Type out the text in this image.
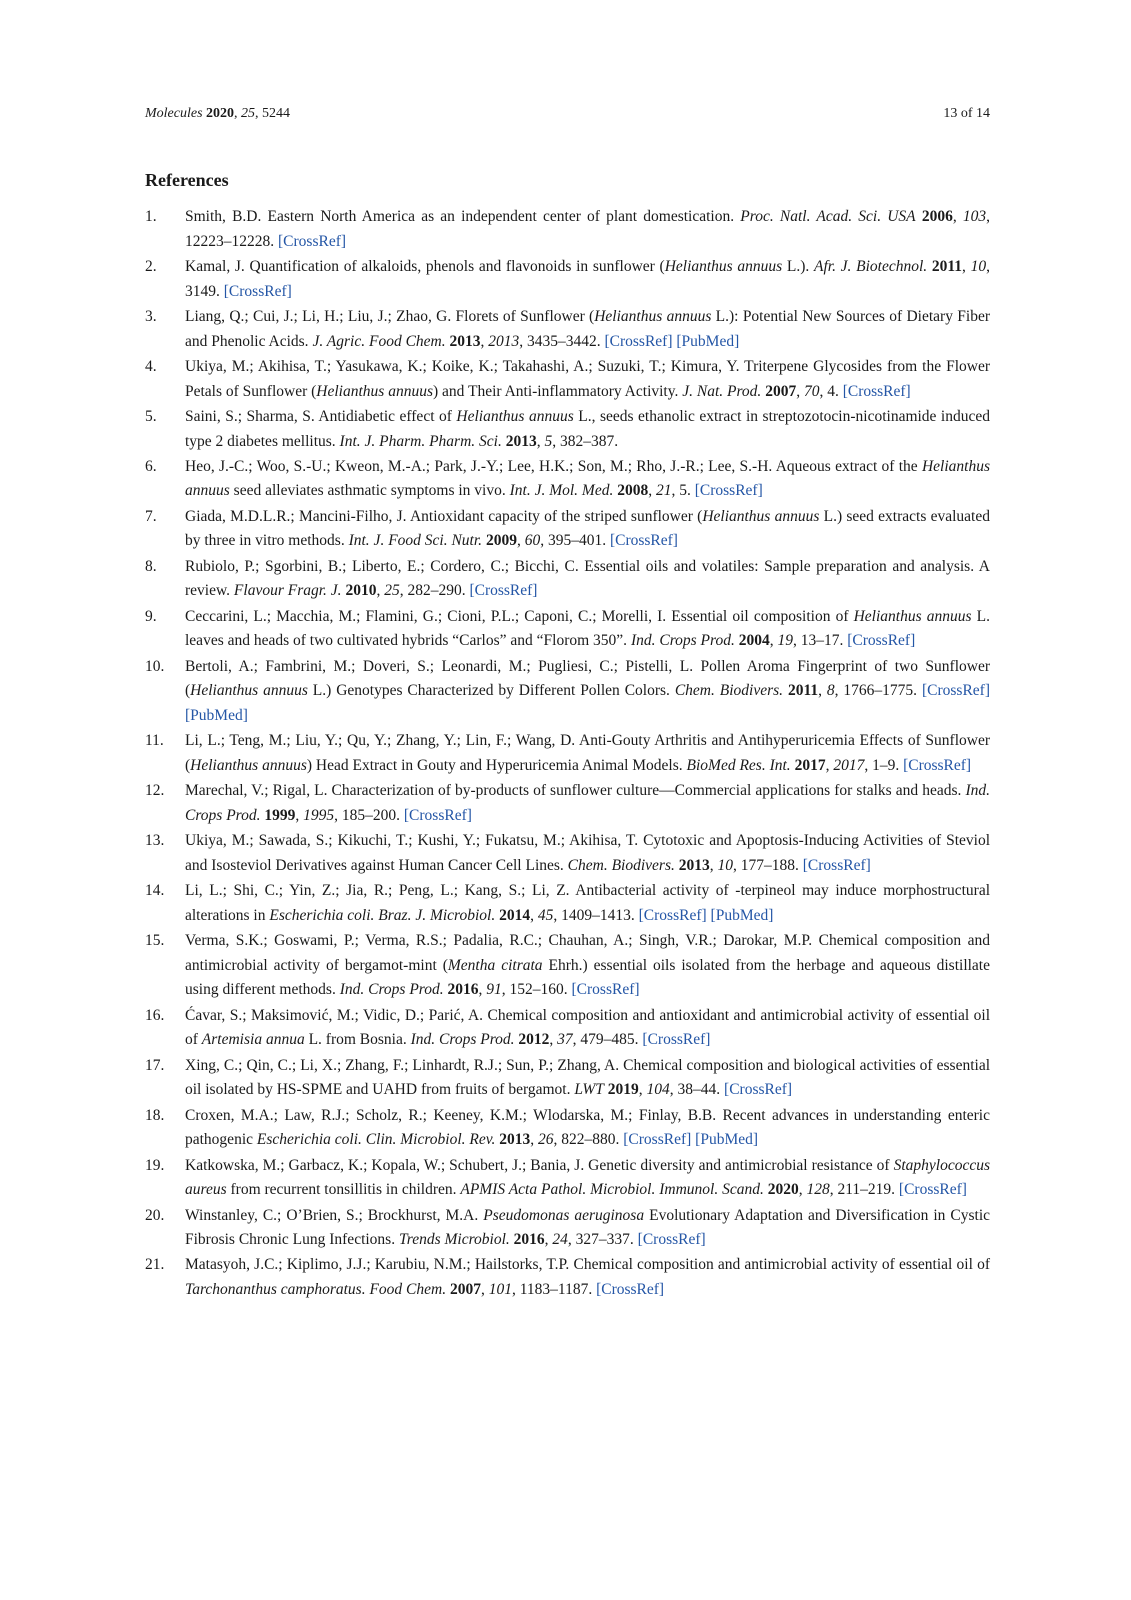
Molecules 2020, 25, 5244	13 of 14
References
1. Smith, B.D. Eastern North America as an independent center of plant domestication. Proc. Natl. Acad. Sci. USA 2006, 103, 12223–12228. [CrossRef]
2. Kamal, J. Quantification of alkaloids, phenols and flavonoids in sunflower (Helianthus annuus L.). Afr. J. Biotechnol. 2011, 10, 3149. [CrossRef]
3. Liang, Q.; Cui, J.; Li, H.; Liu, J.; Zhao, G. Florets of Sunflower (Helianthus annuus L.): Potential New Sources of Dietary Fiber and Phenolic Acids. J. Agric. Food Chem. 2013, 2013, 3435–3442. [CrossRef] [PubMed]
4. Ukiya, M.; Akihisa, T.; Yasukawa, K.; Koike, K.; Takahashi, A.; Suzuki, T.; Kimura, Y. Triterpene Glycosides from the Flower Petals of Sunflower (Helianthus annuus) and Their Anti-inflammatory Activity. J. Nat. Prod. 2007, 70, 4. [CrossRef]
5. Saini, S.; Sharma, S. Antidiabetic effect of Helianthus annuus L., seeds ethanolic extract in streptozotocin-nicotinamide induced type 2 diabetes mellitus. Int. J. Pharm. Pharm. Sci. 2013, 5, 382–387.
6. Heo, J.-C.; Woo, S.-U.; Kweon, M.-A.; Park, J.-Y.; Lee, H.K.; Son, M.; Rho, J.-R.; Lee, S.-H. Aqueous extract of the Helianthus annuus seed alleviates asthmatic symptoms in vivo. Int. J. Mol. Med. 2008, 21, 5. [CrossRef]
7. Giada, M.D.L.R.; Mancini-Filho, J. Antioxidant capacity of the striped sunflower (Helianthus annuus L.) seed extracts evaluated by three in vitro methods. Int. J. Food Sci. Nutr. 2009, 60, 395–401. [CrossRef]
8. Rubiolo, P.; Sgorbini, B.; Liberto, E.; Cordero, C.; Bicchi, C. Essential oils and volatiles: Sample preparation and analysis. A review. Flavour Fragr. J. 2010, 25, 282–290. [CrossRef]
9. Ceccarini, L.; Macchia, M.; Flamini, G.; Cioni, P.L.; Caponi, C.; Morelli, I. Essential oil composition of Helianthus annuus L. leaves and heads of two cultivated hybrids “Carlos” and “Florom 350”. Ind. Crops Prod. 2004, 19, 13–17. [CrossRef]
10. Bertoli, A.; Fambrini, M.; Doveri, S.; Leonardi, M.; Pugliesi, C.; Pistelli, L. Pollen Aroma Fingerprint of two Sunflower (Helianthus annuus L.) Genotypes Characterized by Different Pollen Colors. Chem. Biodivers. 2011, 8, 1766–1775. [CrossRef] [PubMed]
11. Li, L.; Teng, M.; Liu, Y.; Qu, Y.; Zhang, Y.; Lin, F.; Wang, D. Anti-Gouty Arthritis and Antihyperuricemia Effects of Sunflower (Helianthus annuus) Head Extract in Gouty and Hyperuricemia Animal Models. BioMed Res. Int. 2017, 2017, 1–9. [CrossRef]
12. Marechal, V.; Rigal, L. Characterization of by-products of sunflower culture—Commercial applications for stalks and heads. Ind. Crops Prod. 1999, 1995, 185–200. [CrossRef]
13. Ukiya, M.; Sawada, S.; Kikuchi, T.; Kushi, Y.; Fukatsu, M.; Akihisa, T. Cytotoxic and Apoptosis-Inducing Activities of Steviol and Isosteviol Derivatives against Human Cancer Cell Lines. Chem. Biodivers. 2013, 10, 177–188. [CrossRef]
14. Li, L.; Shi, C.; Yin, Z.; Jia, R.; Peng, L.; Kang, S.; Li, Z. Antibacterial activity of -terpineol may induce morphostructural alterations in Escherichia coli. Braz. J. Microbiol. 2014, 45, 1409–1413. [CrossRef] [PubMed]
15. Verma, S.K.; Goswami, P.; Verma, R.S.; Padalia, R.C.; Chauhan, A.; Singh, V.R.; Darokar, M.P. Chemical composition and antimicrobial activity of bergamot-mint (Mentha citrata Ehrh.) essential oils isolated from the herbage and aqueous distillate using different methods. Ind. Crops Prod. 2016, 91, 152–160. [CrossRef]
16. Ćavar, S.; Maksimović, M.; Vidic, D.; Parić, A. Chemical composition and antioxidant and antimicrobial activity of essential oil of Artemisia annua L. from Bosnia. Ind. Crops Prod. 2012, 37, 479–485. [CrossRef]
17. Xing, C.; Qin, C.; Li, X.; Zhang, F.; Linhardt, R.J.; Sun, P.; Zhang, A. Chemical composition and biological activities of essential oil isolated by HS-SPME and UAHD from fruits of bergamot. LWT 2019, 104, 38–44. [CrossRef]
18. Croxen, M.A.; Law, R.J.; Scholz, R.; Keeney, K.M.; Wlodarska, M.; Finlay, B.B. Recent advances in understanding enteric pathogenic Escherichia coli. Clin. Microbiol. Rev. 2013, 26, 822–880. [CrossRef] [PubMed]
19. Katkowska, M.; Garbacz, K.; Kopala, W.; Schubert, J.; Bania, J. Genetic diversity and antimicrobial resistance of Staphylococcus aureus from recurrent tonsillitis in children. APMIS Acta Pathol. Microbiol. Immunol. Scand. 2020, 128, 211–219. [CrossRef]
20. Winstanley, C.; O’Brien, S.; Brockhurst, M.A. Pseudomonas aeruginosa Evolutionary Adaptation and Diversification in Cystic Fibrosis Chronic Lung Infections. Trends Microbiol. 2016, 24, 327–337. [CrossRef]
21. Matasyoh, J.C.; Kiplimo, J.J.; Karubiu, N.M.; Hailstorks, T.P. Chemical composition and antimicrobial activity of essential oil of Tarchonanthus camphoratus. Food Chem. 2007, 101, 1183–1187. [CrossRef]
